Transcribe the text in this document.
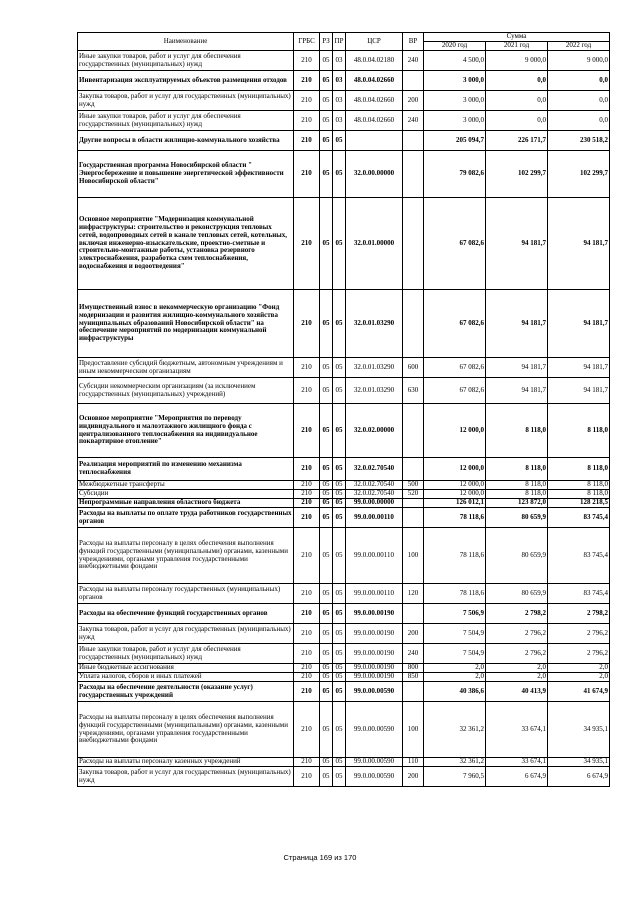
Наименование	ГРБС	РЗ	ПР	ЦСР	ВР	Сумма		
						2020 год	2021 год	2022 год
Иные закупки товаров, работ и услуг для обеспечения государственных (муниципальных) нужд	210	05	03	48.0.04.02180	240	4 500,0	9 000,0	9 000,0
Инвентаризация эксплуатируемых объектов размещения отходов	210	05	03	48.0.04.02660		3 000,0	0,0	0,0
Закупка товаров, работ и услуг для государственных (муниципальных) нужд	210	05	03	48.0.04.02660	200	3 000,0	0,0	0,0
Иные закупки товаров, работ и услуг для обеспечения государственных (муниципальных) нужд	210	05	03	48.0.04.02660	240	3 000,0	0,0	0,0
Другие вопросы в области жилищно-коммунального хозяйства	210	05	05			205 094,7	226 171,7	230 518,2
Государственная программа Новосибирской области " Энергосбережение и повышение энергетической эффективности Новосибирской области"	210	05	05	32.0.00.00000		79 082,6	102 299,7	102 299,7
Основное мероприятие "Модернизация коммунальной инфраструктуры: строительство и реконструкция тепловых сетей, водопроводных сетей в канале тепловых сетей, котельных, включая инженерно-изыскательские, проектно-сметные и строительно-монтажные работы, установка резервного электроснабжения, разработка схем теплоснабжения, водоснабжения и водоотведения"	210	05	05	32.0.01.00000		67 082,6	94 181,7	94 181,7
Имущественный взнос в некоммерческую организацию "Фонд модернизации и развития жилищно-коммунального хозяйства муниципальных образований Новосибирской области" на обеспечение мероприятий по модернизации коммунальной инфраструктуры	210	05	05	32.0.01.03290		67 082,6	94 181,7	94 181,7
Предоставление субсидий бюджетным, автономным учреждениям и иным некоммерческим организациям	210	05	05	32.0.01.03290	600	67 082,6	94 181,7	94 181,7
Субсидии некоммерческим организациям (за исключением государственных (муниципальных) учреждений)	210	05	05	32.0.01.03290	630	67 082,6	94 181,7	94 181,7
Основное мероприятие "Мероприятия по переводу индивидуального и малоэтажного жилищного фонда с централизованного теплоснабжения на индивидуальное поквартирное отопление"	210	05	05	32.0.02.00000		12 000,0	8 118,0	8 118,0
Реализация мероприятий по изменению механизма теплоснабжения	210	05	05	32.0.02.70540		12 000,0	8 118,0	8 118,0
Межбюджетные трансферты	210	05	05	32.0.02.70540	500	12 000,0	8 118,0	8 118,0
Субсидии	210	05	05	32.0.02.70540	520	12 000,0	8 118,0	8 118,0
Непрограммные направления областного бюджета	210	05	05	99.0.00.00000		126 012,1	123 872,0	128 218,5
Расходы на выплаты по оплате труда работников государственных органов	210	05	05	99.0.00.00110		78 118,6	80 659,9	83 745,4
Расходы на выплаты персоналу в целях обеспечения выполнения функций государственными (муниципальными) органами, казенными учреждениями, органами управления государственными внебюджетными фондами	210	05	05	99.0.00.00110	100	78 118,6	80 659,9	83 745,4
Расходы на выплаты персоналу государственных (муниципальных) органов	210	05	05	99.0.00.00110	120	78 118,6	80 659,9	83 745,4
Расходы на обеспечение функций государственных органов	210	05	05	99.0.00.00190		7 506,9	2 798,2	2 798,2
Закупка товаров, работ и услуг для государственных (муниципальных) нужд	210	05	05	99.0.00.00190	200	7 504,9	2 796,2	2 796,2
Иные закупки товаров, работ и услуг для обеспечения государственных (муниципальных) нужд	210	05	05	99.0.00.00190	240	7 504,9	2 796,2	2 796,2
Иные бюджетные ассигнования	210	05	05	99.0.00.00190	800	2,0	2,0	2,0
Уплата налогов, сборов и иных платежей	210	05	05	99.0.00.00190	850	2,0	2,0	2,0
Расходы на обеспечение деятельности (оказание услуг) государственных учреждений	210	05	05	99.0.00.00590		40 386,6	40 413,9	41 674,9
Расходы на выплаты персоналу в целях обеспечения выполнения функций государственными (муниципальными) органами, казенными учреждениями, органами управления государственными внебюджетными фондами	210	05	05	99.0.00.00590	100	32 361,2	33 674,1	34 935,1
Расходы на выплаты персоналу казенных учреждений	210	05	05	99.0.00.00590	110	32 361,2	33 674,1	34 935,1
Закупка товаров, работ и услуг для государственных (муниципальных) нужд	210	05	05	99.0.00.00590	200	7 960,5	6 674,9	6 674,9
Страница 169 из 170
